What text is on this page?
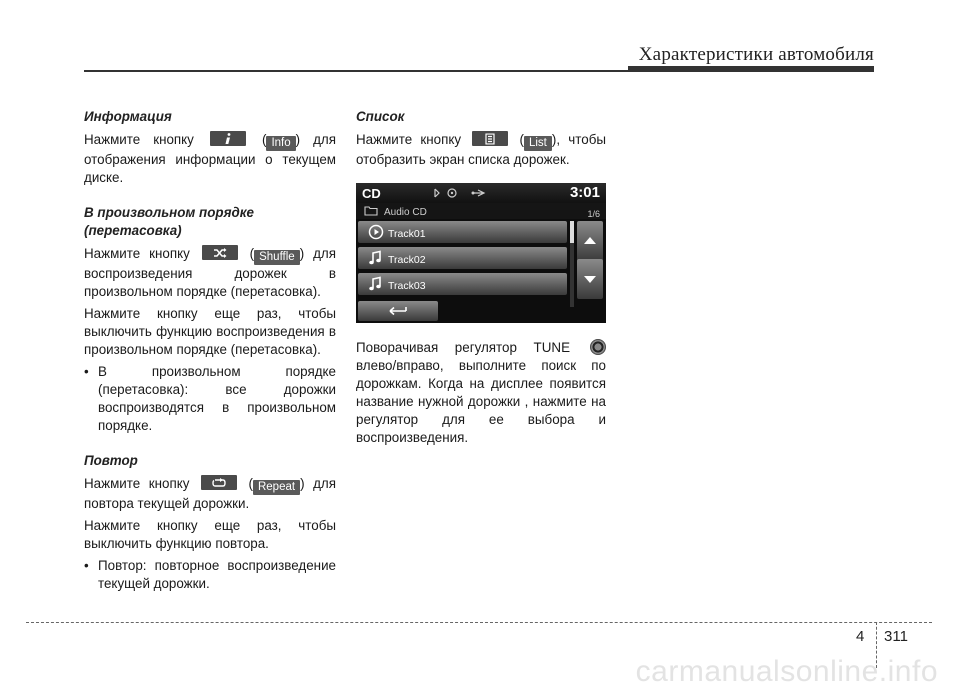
Характеристики автомобиля
Информация

Нажмите кнопку	( Info ) для отображения информации о текущем диске.

В произвольном порядке (перетасовка)

Нажмите кнопку	( Shuffle ) для воспроизведения дорожек в произвольном порядке (перетасовка).

Нажмите кнопку еще раз, чтобы выключить функцию воспроизведения в произвольном порядке (перетасовка).

• В произвольном порядке (перетасовка): все дорожки воспроизводятся в произвольном порядке.
Повтор

Нажмите кнопку	( Repeat ) для повтора текущей дорожки.

Нажмите кнопку еще раз, чтобы выключить функцию повтора.

• Повтор: повторное воспроизведение текущей дорожки.
Список

Нажмите кнопку	( List ), чтобы отобразить экран списка дорожек.

CD	3:01
Audio CD	1/6
Track01
Track02
Track03

Поворачивая регулятор TUNE влево/вправо, выполните поиск по дорожкам. Когда на дисплее появится название нужной дорожки , нажмите на регулятор для ее выбора и воспроизведения.

4 311
carmanualsonline.info
